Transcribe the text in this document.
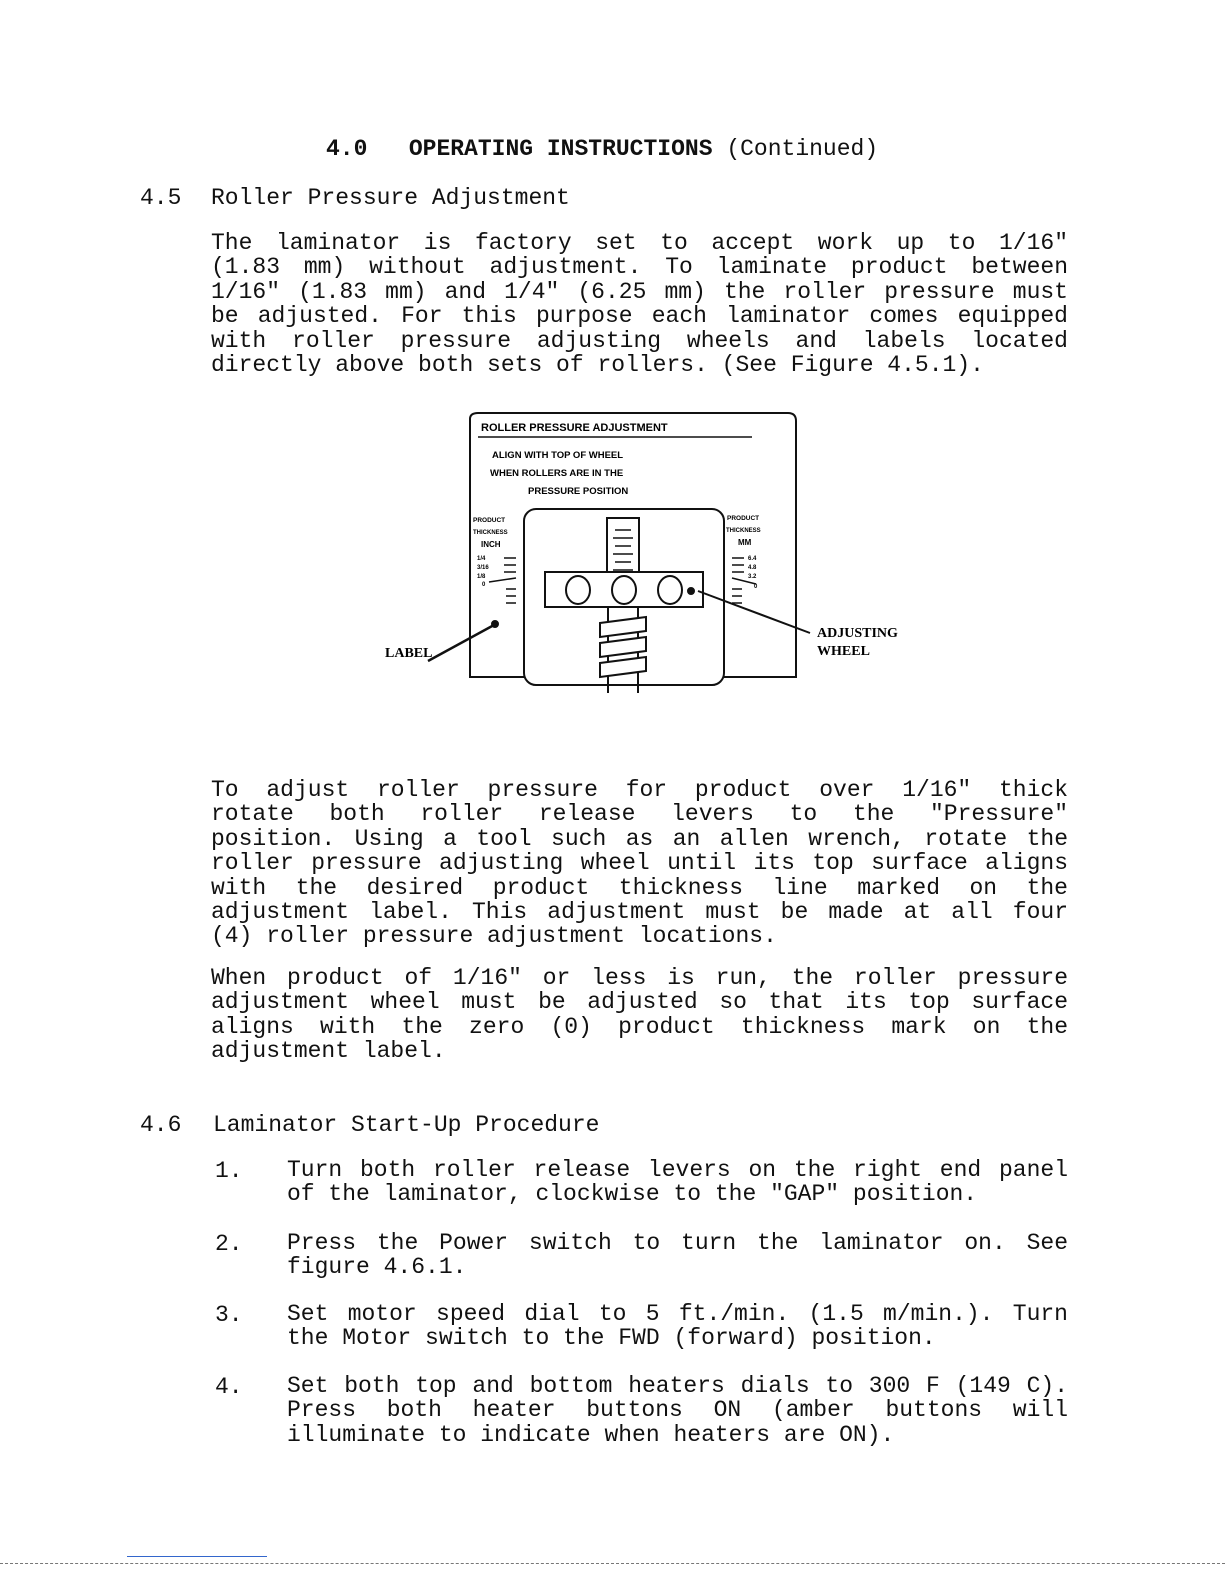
4.0 OPERATING INSTRUCTIONS (Continued)
4.5 Roller Pressure Adjustment
The laminator is factory set to accept work up to 1/16"
(1.83 mm) without adjustment. To laminate product between
1/16" (1.83 mm) and 1/4" (6.25 mm) the roller pressure must
be adjusted. For this purpose each laminator comes equipped
with roller pressure adjusting wheels and labels located
directly above both sets of rollers. (See Figure 4.5.1).
ROLLER PRESSURE ADJUSTMENT
ALIGN WITH TOP OF WHEEL
WHEN ROLLERS ARE IN THE
PRESSURE POSITION
PRODUCT
THICKNESS
INCH
1/4
3/16
1/8
0
PRODUCT
THICKNESS
MM
6.4
4.8
3.2
0
LABEL
ADJUSTING
WHEEL
To adjust roller pressure for product over 1/16" thick
rotate both roller release levers to the "Pressure"
position. Using a tool such as an allen wrench, rotate the
roller pressure adjusting wheel until its top surface aligns
with the desired product thickness line marked on the
adjustment label. This adjustment must be made at all four
(4) roller pressure adjustment locations.
When product of 1/16" or less is run, the roller pressure
adjustment wheel must be adjusted so that its top surface
aligns with the zero (0) product thickness mark on the
adjustment label.
4.6 Laminator Start-Up Procedure
1. Turn both roller release levers on the right end panel
of the laminator, clockwise to the "GAP" position.
2. Press the Power switch to turn the laminator on. See
figure 4.6.1.
3. Set motor speed dial to 5 ft./min. (1.5 m/min.). Turn
the Motor switch to the FWD (forward) position.
4. Set both top and bottom heaters dials to 300 F (149 C).
Press both heater buttons ON (amber buttons will
illuminate to indicate when heaters are ON).
